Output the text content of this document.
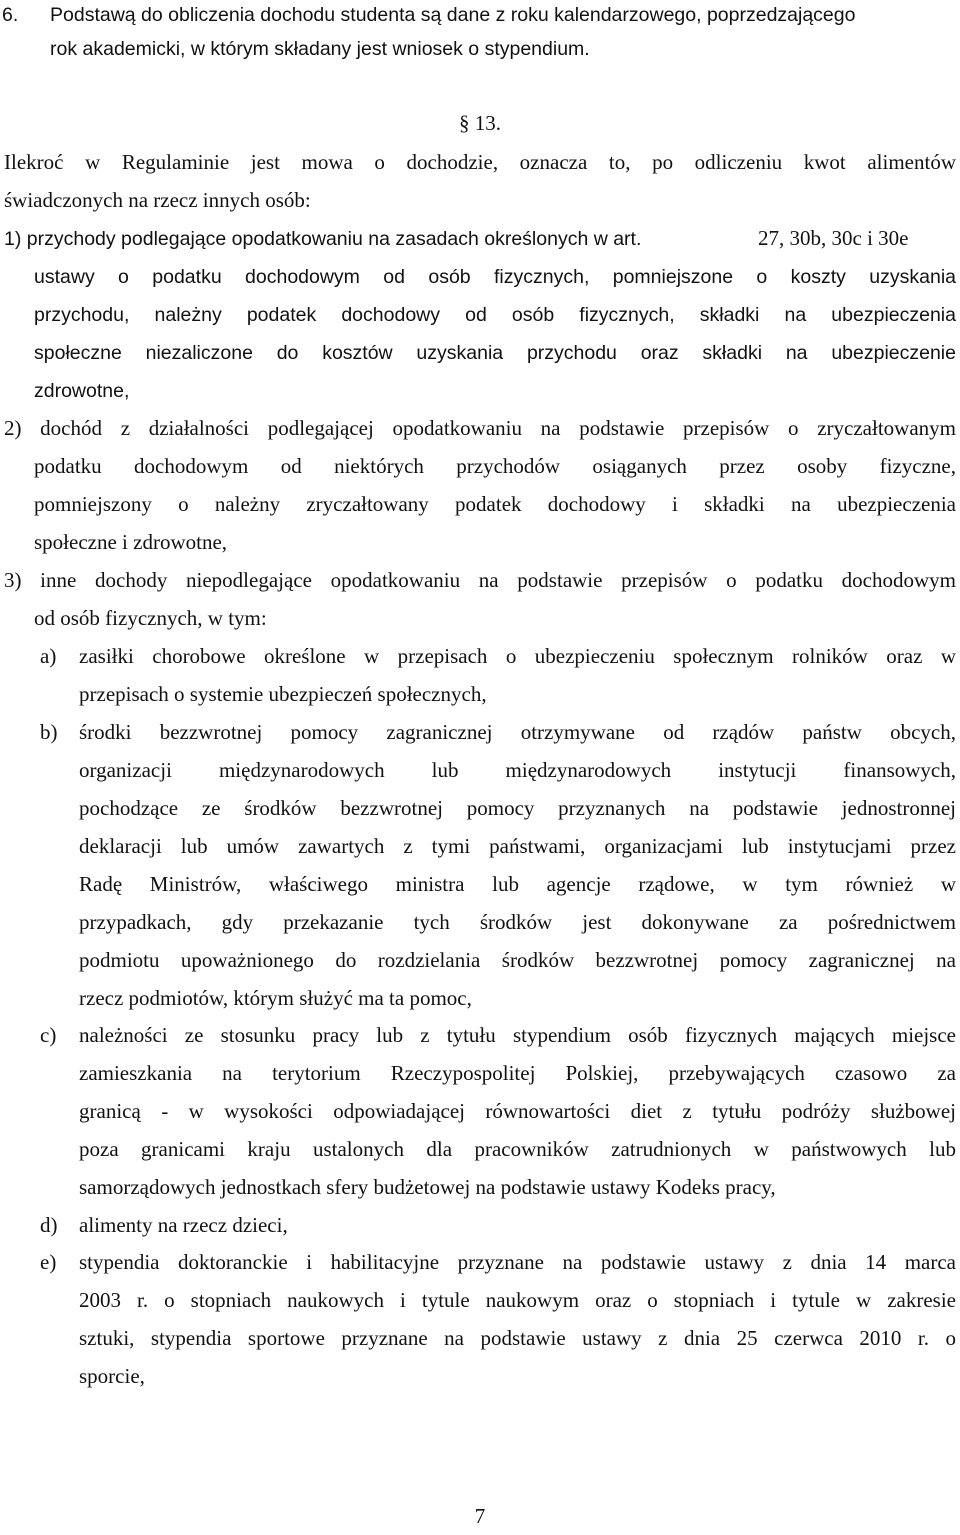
6. Podstawą do obliczenia dochodu studenta są dane z roku kalendarzowego, poprzedzającego
rok akademicki, w którym składany jest wniosek o stypendium.
§ 13.
Ilekroć w Regulaminie jest mowa o dochodzie, oznacza to, po odliczeniu kwot alimentów
świadczonych na rzecz innych osób:
1) przychody podlegające opodatkowaniu na zasadach określonych w art.	27, 30b, 30c i 30e
ustawy o podatku dochodowym od osób fizycznych, pomniejszone o koszty uzyskania
przychodu, należny podatek dochodowy od osób fizycznych, składki na ubezpieczenia
społeczne niezaliczone do kosztów uzyskania przychodu oraz składki na ubezpieczenie
zdrowotne,
2) dochód z działalności podlegającej opodatkowaniu na podstawie przepisów o zryczałtowanym
podatku dochodowym od niektórych przychodów osiąganych przez osoby fizyczne,
pomniejszony o należny zryczałtowany podatek dochodowy i składki na ubezpieczenia
społeczne i zdrowotne,
3) inne dochody niepodlegające opodatkowaniu na podstawie przepisów o podatku dochodowym
od osób fizycznych, w tym:
a) zasiłki chorobowe określone w przepisach o ubezpieczeniu społecznym rolników oraz w
przepisach o systemie ubezpieczeń społecznych,
b) środki bezzwrotnej pomocy zagranicznej otrzymywane od rządów państw obcych,
organizacji międzynarodowych lub międzynarodowych instytucji finansowych,
pochodzące ze środków bezzwrotnej pomocy przyznanych na podstawie jednostronnej
deklaracji lub umów zawartych z tymi państwami, organizacjami lub instytucjami przez
Radę Ministrów, właściwego ministra lub agencje rządowe, w tym również w
przypadkach, gdy przekazanie tych środków jest dokonywane za pośrednictwem
podmiotu upoważnionego do rozdzielania środków bezzwrotnej pomocy zagranicznej na
rzecz podmiotów, którym służyć ma ta pomoc,
c) należności ze stosunku pracy lub z tytułu stypendium osób fizycznych mających miejsce
zamieszkania na terytorium Rzeczypospolitej Polskiej, przebywających czasowo za
granicą - w wysokości odpowiadającej równowartości diet z tytułu podróży służbowej
poza granicami kraju ustalonych dla pracowników zatrudnionych w państwowych lub
samorządowych jednostkach sfery budżetowej na podstawie ustawy Kodeks pracy,
d) alimenty na rzecz dzieci,
e) stypendia doktoranckie i habilitacyjne przyznane na podstawie ustawy z dnia 14 marca
2003 r. o stopniach naukowych i tytule naukowym oraz o stopniach i tytule w zakresie
sztuki, stypendia sportowe przyznane na podstawie ustawy z dnia 25 czerwca 2010 r. o
sporcie,
7
